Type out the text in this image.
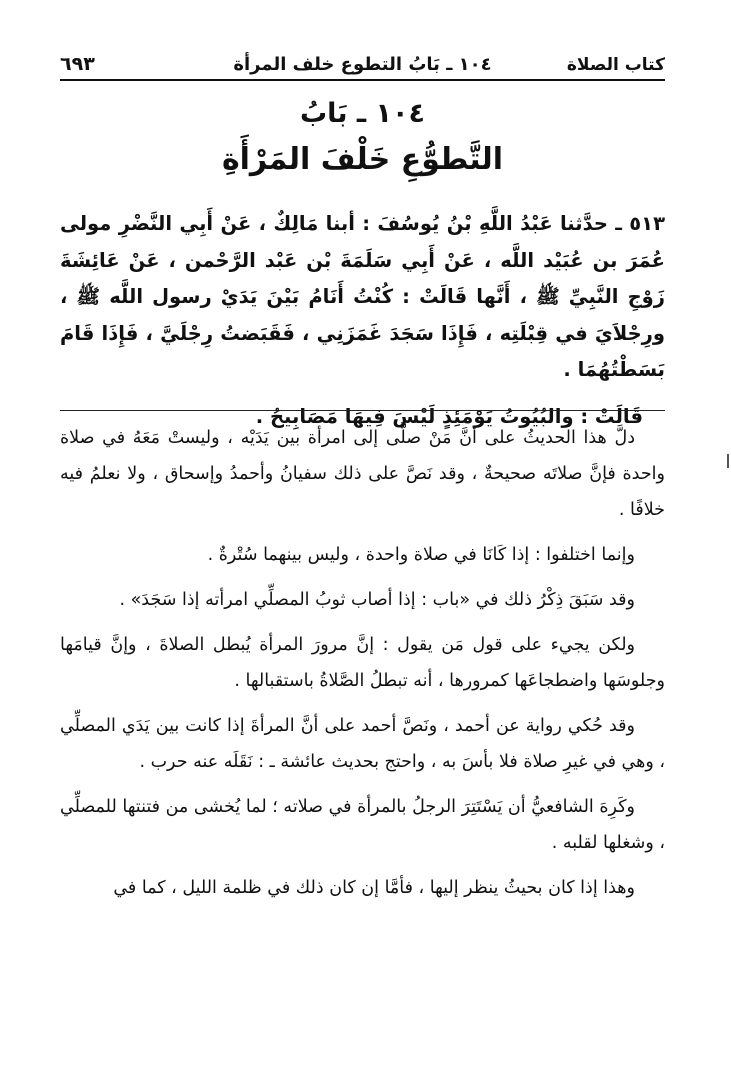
كتاب الصلاة
١٠٤ ـ بَابُ التطوع خلف المرأة
٦٩٣
١٠٤ ـ بَابُ
التَّطوُّعِ خَلْفَ المَرْأَةِ

٥١٣ ـ حدَّثنا عَبْدُ اللَّهِ بْنُ يُوسُفَ : أبنا مَالِكٌ ، عَنْ أَبِي النَّضْرِ مولى عُمَرَ بن عُبَيْد اللَّه ، عَنْ أَبِي سَلَمَةَ بْن عَبْد الرَّحْمن ، عَنْ عَائِشَةَ زَوْجِ النَّبِيِّ ﷺ ، أَنَّها قَالَتْ : كُنْتُ أَنَامُ بَيْنَ يَدَيْ رسول اللَّه ﷺ ، ورِجْلاَيَ في قِبْلَتِه ، فَإِذَا سَجَدَ غَمَزَنِي ، فَقَبَضتُ رِجْلَيَّ ، فَإِذَا قَامَ بَسَطْتُهُمَا .

قَالَتْ : والبُيُوتُ يَوْمَئِذٍ لَيْسَ فِيهَا مَصَابِيحُ .

دلَّ هذا الحديثُ على أنَّ مَنْ صلَّى إلى امرأة بين يَدَيْه ، وليستْ مَعَهُ في صلاة واحدة فإنَّ صلاتَه صحيحةٌ ، وقد نَصَّ على ذلك سفيانُ وأحمدُ وإسحاق ، ولا نعلمُ فيه خلافًا .

وإنما اختلفوا : إذا كَانَا في صلاة واحدة ، وليس بينهما سُتْرةٌ .

وقد سَبَقَ ذِكْرُ ذلك في «باب : إذا أصاب ثوبُ المصلِّي امرأته إذا سَجَدَ» .

ولكن يجيء على قول مَن يقول : إنَّ مرورَ المرأة يُبطل الصلاةَ ، وإنَّ قيامَها وجلوسَها واضطجاعَها كمرورها ، أنه تبطلُ الصَّلاةُ باستقبالها .

وقد حُكي رواية عن أحمد ، ونَصَّ أحمد على أنَّ المرأةَ إذا كانت بين يَدَي المصلِّي ، وهي في غيرِ صلاة فلا بأسَ به ، واحتج بحديث عائشة ـ : نَقَلَه عنه حرب .

وكَرِهَ الشافعيُّ أن يَسْتَتِرَ الرجلُ بالمرأة في صلاته ؛ لما يُخشى من فتنتها للمصلِّي ، وشغلها لقلبه .

وهذا إذا كان بحيثُ ينظر إليها ، فأمَّا إن كان ذلك في ظلمة الليل ، كما في
